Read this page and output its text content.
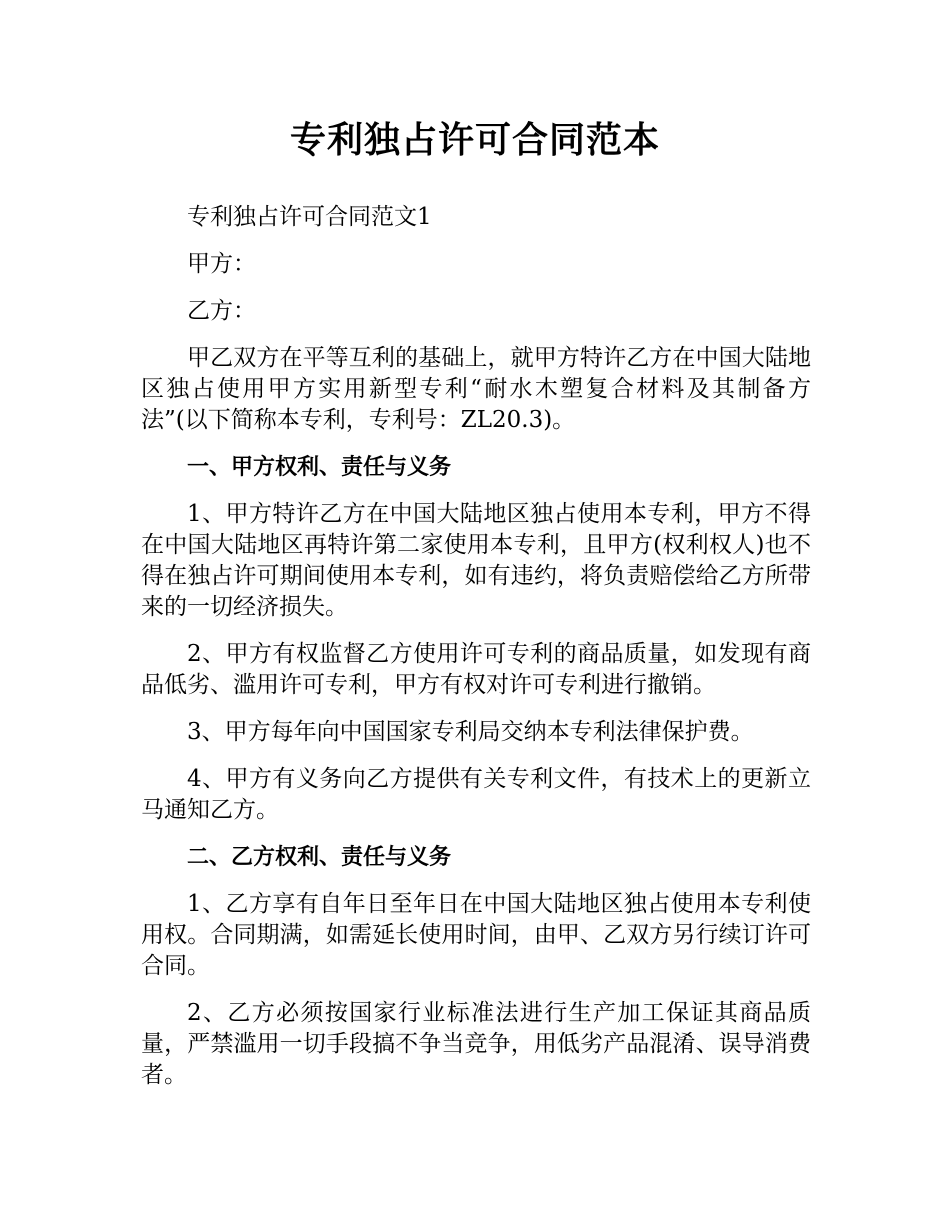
专利独占许可合同范本

专利独占许可合同范文1

甲方：

乙方：

甲乙双方在平等互利的基础上，就甲方特许乙方在中国大陆地区独占使用甲方实用新型专利“耐水木塑复合材料及其制备方法”(以下简称本专利，专利号：ZL20.3)。

一、甲方权利、责任与义务

1、甲方特许乙方在中国大陆地区独占使用本专利，甲方不得在中国大陆地区再特许第二家使用本专利，且甲方(权利权人)也不得在独占许可期间使用本专利，如有违约，将负责赔偿给乙方所带来的一切经济损失。

2、甲方有权监督乙方使用许可专利的商品质量，如发现有商品低劣、滥用许可专利，甲方有权对许可专利进行撤销。

3、甲方每年向中国国家专利局交纳本专利法律保护费。

4、甲方有义务向乙方提供有关专利文件，有技术上的更新立马通知乙方。

二、乙方权利、责任与义务

1、乙方享有自年日至年日在中国大陆地区独占使用本专利使用权。合同期满，如需延长使用时间，由甲、乙双方另行续订许可合同。

2、乙方必须按国家行业标准法进行生产加工保证其商品质量，严禁滥用一切手段搞不争当竞争，用低劣产品混淆、误导消费者。
